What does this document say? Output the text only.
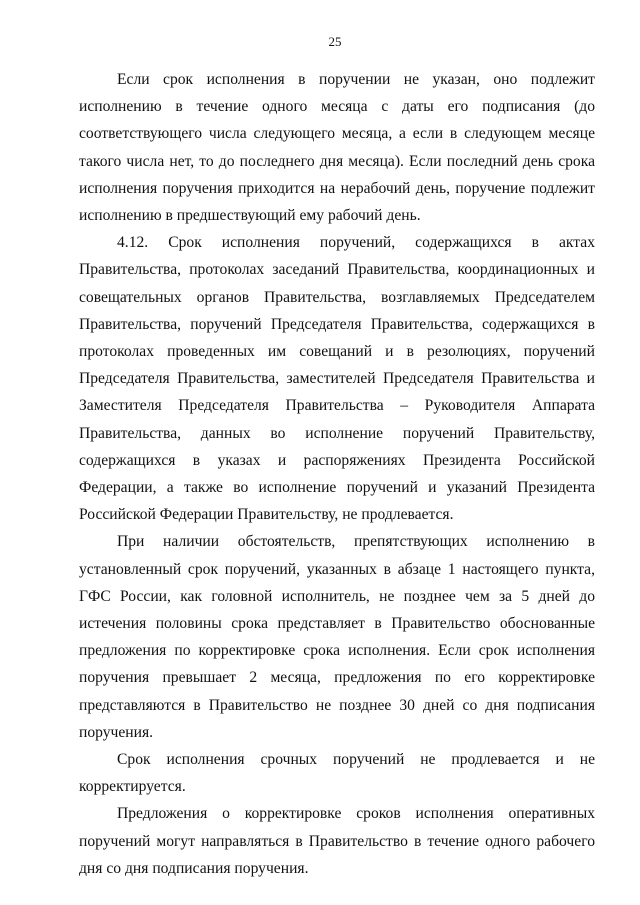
25

Если срок исполнения в поручении не указан, оно подлежит исполнению в течение одного месяца с даты его подписания (до соответствующего числа следующего месяца, а если в следующем месяце такого числа нет, то до последнего дня месяца). Если последний день срока исполнения поручения приходится на нерабочий день, поручение подлежит исполнению в предшествующий ему рабочий день.

4.12. Срок исполнения поручений, содержащихся в актах Правительства, протоколах заседаний Правительства, координационных и совещательных органов Правительства, возглавляемых Председателем Правительства, поручений Председателя Правительства, содержащихся в протоколах проведенных им совещаний и в резолюциях, поручений Председателя Правительства, заместителей Председателя Правительства и Заместителя Председателя Правительства – Руководителя Аппарата Правительства, данных во исполнение поручений Правительству, содержащихся в указах и распоряжениях Президента Российской Федерации, а также во исполнение поручений и указаний Президента Российской Федерации Правительству, не продлевается.

При наличии обстоятельств, препятствующих исполнению в установленный срок поручений, указанных в абзаце 1 настоящего пункта, ГФС России, как головной исполнитель, не позднее чем за 5 дней до истечения половины срока представляет в Правительство обоснованные предложения по корректировке срока исполнения. Если срок исполнения поручения превышает 2 месяца, предложения по его корректировке представляются в Правительство не позднее 30 дней со дня подписания поручения.

Срок исполнения срочных поручений не продлевается и не корректируется.

Предложения о корректировке сроков исполнения оперативных поручений могут направляться в Правительство в течение одного рабочего дня со дня подписания поручения.
